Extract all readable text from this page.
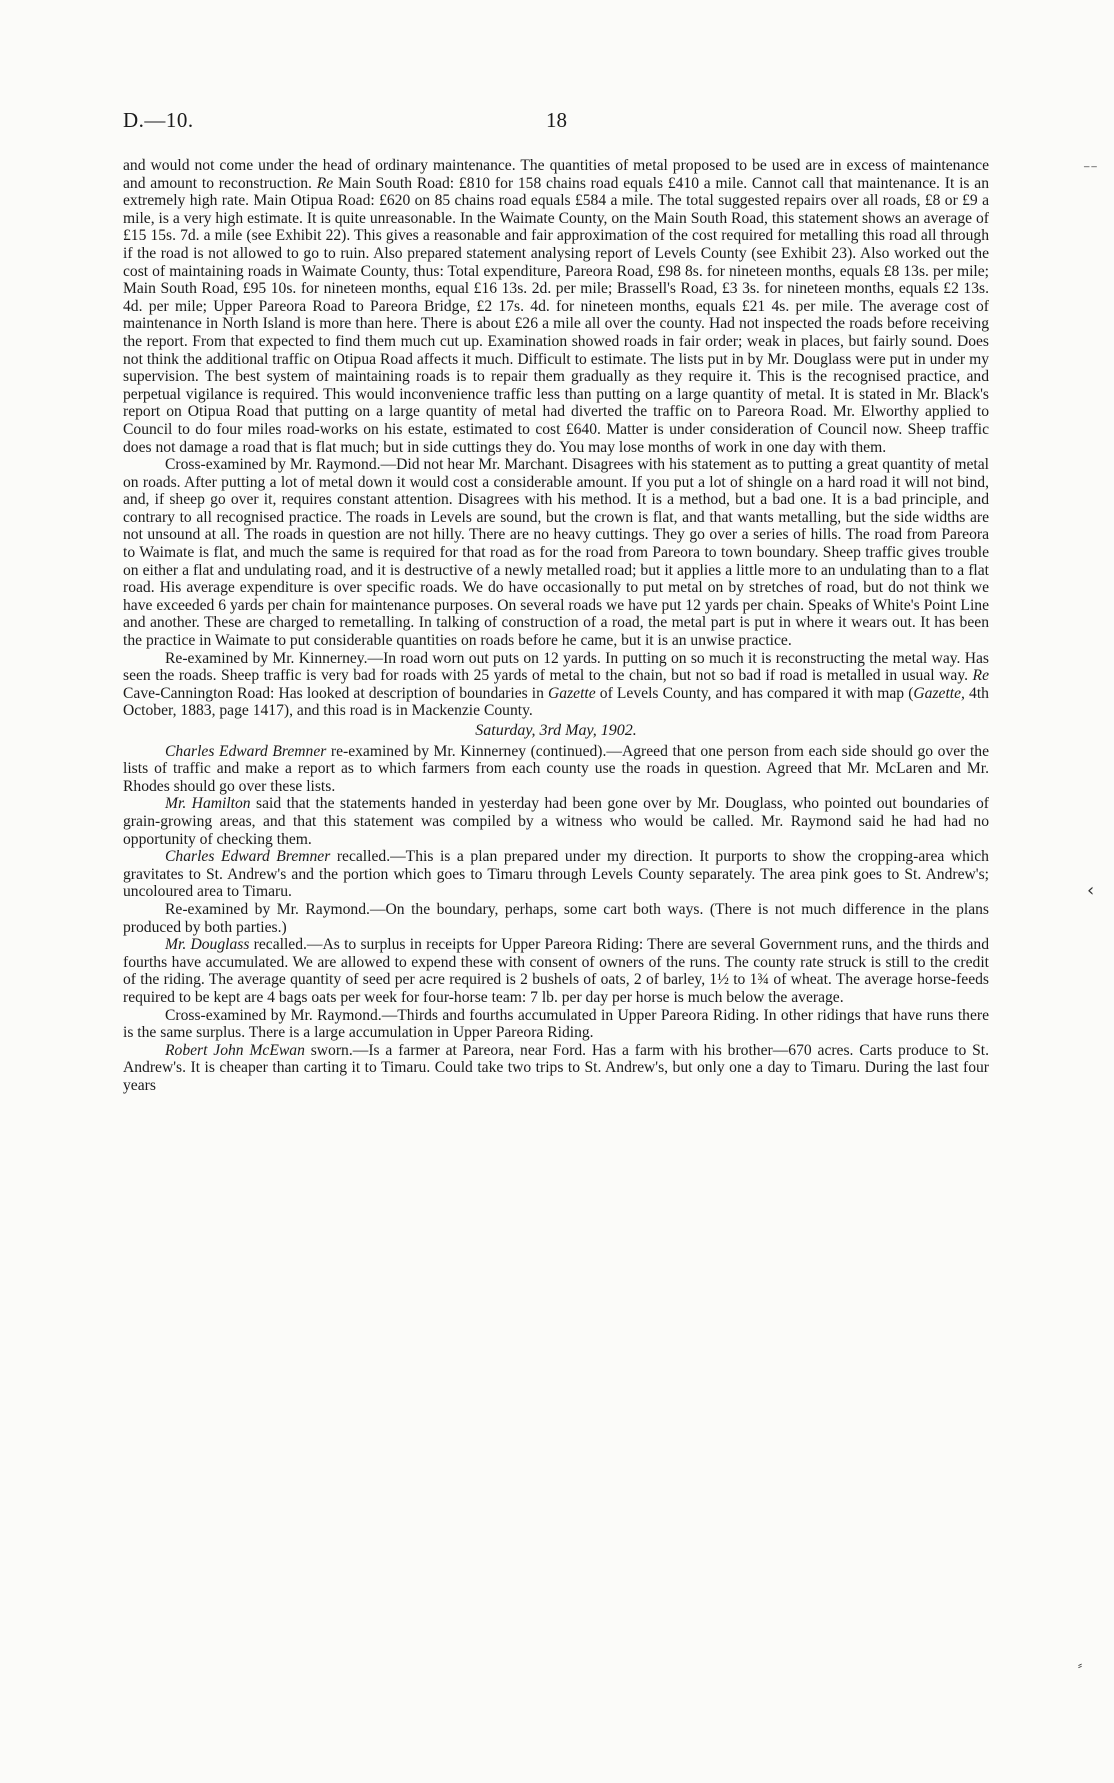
D.—10.	18

and would not come under the head of ordinary maintenance. The quantities of metal proposed to be used are in excess of maintenance and amount to reconstruction. Re Main South Road: £810 for 158 chains road equals £410 a mile. Cannot call that maintenance. It is an extremely high rate. Main Otipua Road: £620 on 85 chains road equals £584 a mile. The total suggested repairs over all roads, £8 or £9 a mile, is a very high estimate. It is quite unreasonable. In the Waimate County, on the Main South Road, this statement shows an average of £15 15s. 7d. a mile (see Exhibit 22). This gives a reasonable and fair approximation of the cost required for metalling this road all through if the road is not allowed to go to ruin. Also prepared statement analysing report of Levels County (see Exhibit 23). Also worked out the cost of maintaining roads in Waimate County, thus: Total expenditure, Pareora Road, £98 8s. for nineteen months, equals £8 13s. per mile; Main South Road, £95 10s. for nineteen months, equal £16 13s. 2d. per mile; Brassell's Road, £3 3s. for nineteen months, equals £2 13s. 4d. per mile; Upper Pareora Road to Pareora Bridge, £2 17s. 4d. for nineteen months, equals £21 4s. per mile. The average cost of maintenance in North Island is more than here. There is about £26 a mile all over the county. Had not inspected the roads before receiving the report. From that expected to find them much cut up. Examination showed roads in fair order; weak in places, but fairly sound. Does not think the additional traffic on Otipua Road affects it much. Difficult to estimate. The lists put in by Mr. Douglass were put in under my supervision. The best system of maintaining roads is to repair them gradually as they require it. This is the recognised practice, and perpetual vigilance is required. This would inconvenience traffic less than putting on a large quantity of metal. It is stated in Mr. Black's report on Otipua Road that putting on a large quantity of metal had diverted the traffic on to Pareora Road. Mr. Elworthy applied to Council to do four miles road-works on his estate, estimated to cost £640. Matter is under consideration of Council now. Sheep traffic does not damage a road that is flat much; but in side cuttings they do. You may lose months of work in one day with them.

Cross-examined by Mr. Raymond.—Did not hear Mr. Marchant. Disagrees with his statement as to putting a great quantity of metal on roads. After putting a lot of metal down it would cost a considerable amount. If you put a lot of shingle on a hard road it will not bind, and, if sheep go over it, requires constant attention. Disagrees with his method. It is a method, but a bad one. It is a bad principle, and contrary to all recognised practice. The roads in Levels are sound, but the crown is flat, and that wants metalling, but the side widths are not unsound at all. The roads in question are not hilly. There are no heavy cuttings. They go over a series of hills. The road from Pareora to Waimate is flat, and much the same is required for that road as for the road from Pareora to town boundary. Sheep traffic gives trouble on either a flat and undulating road, and it is destructive of a newly metalled road; but it applies a little more to an undulating than to a flat road. His average expenditure is over specific roads. We do have occasionally to put metal on by stretches of road, but do not think we have exceeded 6 yards per chain for maintenance purposes. On several roads we have put 12 yards per chain. Speaks of White's Point Line and another. These are charged to remetalling. In talking of construction of a road, the metal part is put in where it wears out. It has been the practice in Waimate to put considerable quantities on roads before he came, but it is an unwise practice.

Re-examined by Mr. Kinnerney.—In road worn out puts on 12 yards. In putting on so much it is reconstructing the metal way. Has seen the roads. Sheep traffic is very bad for roads with 25 yards of metal to the chain, but not so bad if road is metalled in usual way. Re Cave-Cannington Road: Has looked at description of boundaries in Gazette of Levels County, and has compared it with map (Gazette, 4th October, 1883, page 1417), and this road is in Mackenzie County.

Saturday, 3rd May, 1902.

Charles Edward Bremner re-examined by Mr. Kinnerney (continued).—Agreed that one person from each side should go over the lists of traffic and make a report as to which farmers from each county use the roads in question. Agreed that Mr. McLaren and Mr. Rhodes should go over these lists.

Mr. Hamilton said that the statements handed in yesterday had been gone over by Mr. Douglass, who pointed out boundaries of grain-growing areas, and that this statement was compiled by a witness who would be called. Mr. Raymond said he had had no opportunity of checking them.

Charles Edward Bremner recalled.—This is a plan prepared under my direction. It purports to show the cropping-area which gravitates to St. Andrew's and the portion which goes to Timaru through Levels County separately. The area pink goes to St. Andrew's; uncoloured area to Timaru.

Re-examined by Mr. Raymond.—On the boundary, perhaps, some cart both ways. (There is not much difference in the plans produced by both parties.)

Mr. Douglass recalled.—As to surplus in receipts for Upper Pareora Riding: There are several Government runs, and the thirds and fourths have accumulated. We are allowed to expend these with consent of owners of the runs. The county rate struck is still to the credit of the riding. The average quantity of seed per acre required is 2 bushels of oats, 2 of barley, 1½ to 1¾ of wheat. The average horse-feeds required to be kept are 4 bags oats per week for four-horse team: 7 lb. per day per horse is much below the average.

Cross-examined by Mr. Raymond.—Thirds and fourths accumulated in Upper Pareora Riding. In other ridings that have runs there is the same surplus. There is a large accumulation in Upper Pareora Riding.

Robert John McEwan sworn.—Is a farmer at Pareora, near Ford. Has a farm with his brother—670 acres. Carts produce to St. Andrew's. It is cheaper than carting it to Timaru. Could take two trips to St. Andrew's, but only one a day to Timaru. During the last four years

⁻⁻
‹
⸗
